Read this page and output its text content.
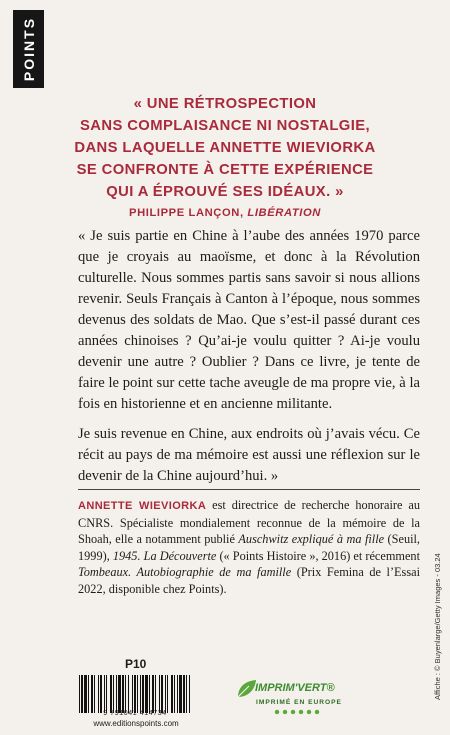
POINTS
« UNE RÉTROSPECTION
SANS COMPLAISANCE NI NOSTALGIE,
DANS LAQUELLE ANNETTE WIEVIORKA
SE CONFRONTE À CETTE EXPÉRIENCE
QUI A ÉPROUVÉ SES IDÉAUX. »
PHILIPPE LANÇON, LIBÉRATION

« Je suis partie en Chine à l’aube des années 1970 parce que je croyais au maoïsme, et donc à la Révolution culturelle. Nous sommes partis sans savoir si nous allions revenir. Seuls Français à Canton à l’époque, nous sommes devenus des soldats de Mao. Que s’est-il passé durant ces années chinoises ? Qu’ai-je voulu quitter ? Ai-je voulu devenir une autre ? Oublier ? Dans ce livre, je tente de faire le point sur cette tache aveugle de ma propre vie, à la fois en historienne et en ancienne militante.

Je suis revenue en Chine, aux endroits où j’avais vécu. Ce récit au pays de ma mémoire est aussi une réflexion sur le devenir de la Chine aujourd’hui. »

ANNETTE WIEVIORKA est directrice de recherche honoraire au CNRS. Spécialiste mondialement reconnue de la mémoire de la Shoah, elle a notamment publié Auschwitz expliqué à ma fille (Seuil, 1999), 1945. La Découverte (« Points Histoire », 2016) et récemment Tombeaux. Autobiographie de ma famille (Prix Femina de l’Essai 2022, disponible chez Points).
P10
9 791041 414734
www.editionspoints.com
IMPRIM'VERT®
IMPRIMÉ EN EUROPE
Affiche : © Buyenlarge/Getty Images - 03.24
